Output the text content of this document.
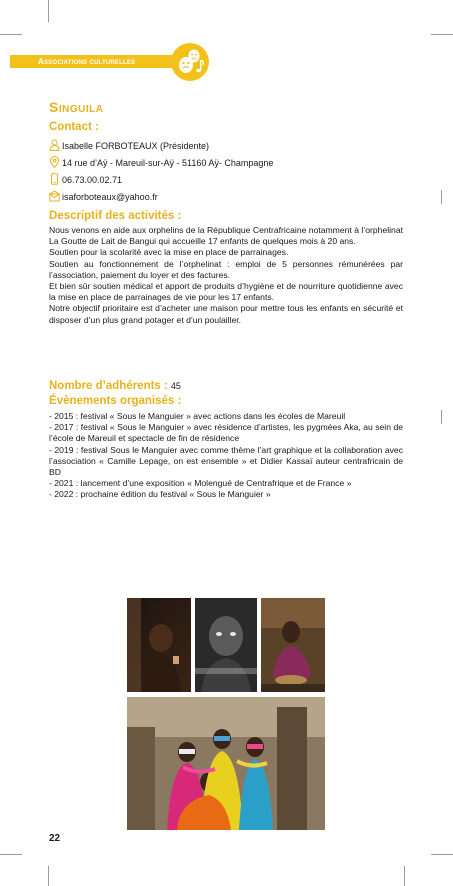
Associations culturelles
Singuila
Contact :
Isabelle FORBOTEAUX (Présidente)
14 rue d’Aÿ - Mareuil-sur-Aÿ - 51160 Aÿ- Champagne
06.73.00.02.71
isaforboteaux@yahoo.fr
Descriptif des activités :

Nous venons en aide aux orphelins de la République Centrafricaine notamment à l’orphelinat La Goutte de Lait de Bangui qui accueille 17 enfants de quelques mois à 20 ans.

Soutien pour la scolarité avec la mise en place de parrainages.

Soutien au fonctionnement de l’orphelinat : emploi de 5 personnes rémunérées par l’association, paiement du loyer et des factures.

Et bien sûr soutien médical et apport de produits d’hygiène et de nourriture quotidienne avec la mise en place de parrainages de vie pour les 17 enfants.

Notre objectif prioritaire est d’acheter une maison pour mettre tous les enfants en sécurité et disposer d’un plus grand potager et d’un poulailler.

Nombre d’adhérents : 45
Évènements organisés :

- 2015 : festival « Sous le Manguier » avec actions dans les écoles de Mareuil

- 2017 : festival « Sous le Manguier » avec résidence d’artistes, les pygmées Aka, au sein de l’école de Mareuil et spectacle de fin de résidence

- 2019 : festival Sous le Manguier avec comme thème l’art graphique et la collaboration avec l’association « Camille Lepage, on est ensemble » et Didier Kassaï auteur centrafricain de BD

- 2021 : lancement d’une exposition « Molengué de Centrafrique et de France »

- 2022 : prochaine édition du festival « Sous le Manguier »

22
